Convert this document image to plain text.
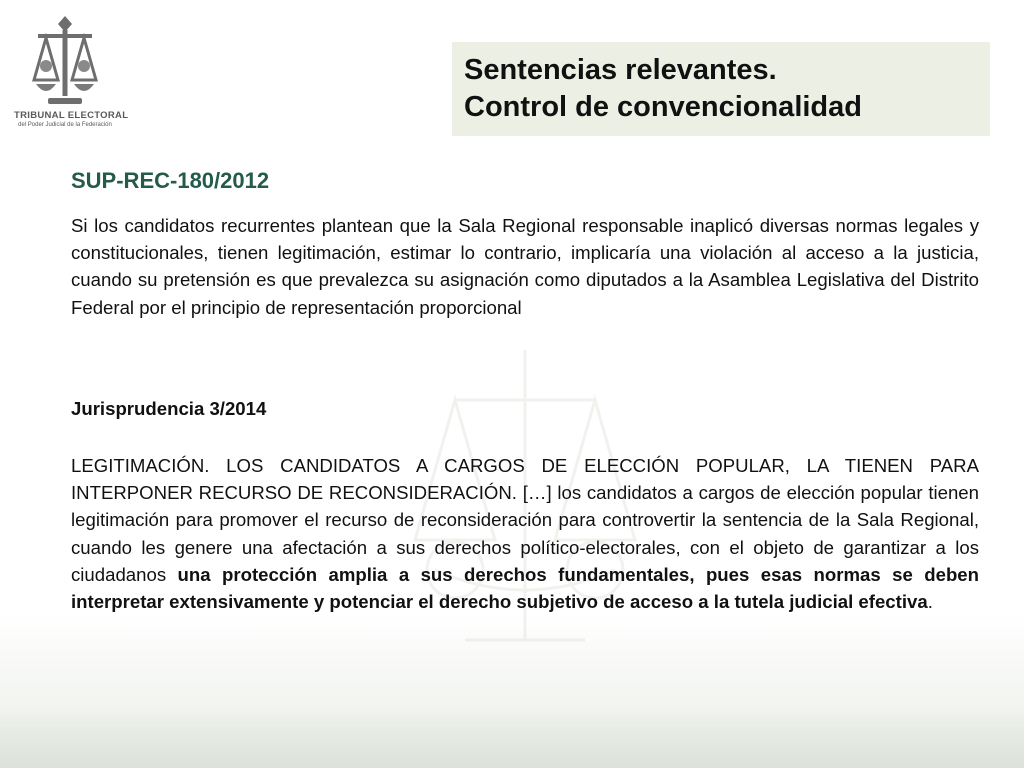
TRIBUNAL ELECTORAL
del Poder Judicial de la Federación
Sentencias relevantes.
Control de convencionalidad
SUP-REC-180/2012
Si los candidatos recurrentes plantean que la Sala Regional responsable inaplicó diversas normas legales y constitucionales, tienen legitimación, estimar lo contrario, implicaría una violación al acceso a la justicia, cuando su pretensión es que prevalezca su asignación como diputados a la Asamblea Legislativa del Distrito Federal por el principio de representación proporcional
Jurisprudencia 3/2014
LEGITIMACIÓN. LOS CANDIDATOS A CARGOS DE ELECCIÓN POPULAR, LA TIENEN PARA INTERPONER RECURSO DE RECONSIDERACIÓN. […] los candidatos a cargos de elección popular tienen legitimación para promover el recurso de reconsideración para controvertir la sentencia de la Sala Regional, cuando les genere una afectación a sus derechos político-electorales, con el objeto de garantizar a los ciudadanos una protección amplia a sus derechos fundamentales, pues esas normas se deben interpretar extensivamente y potenciar el derecho subjetivo de acceso a la tutela judicial efectiva.
